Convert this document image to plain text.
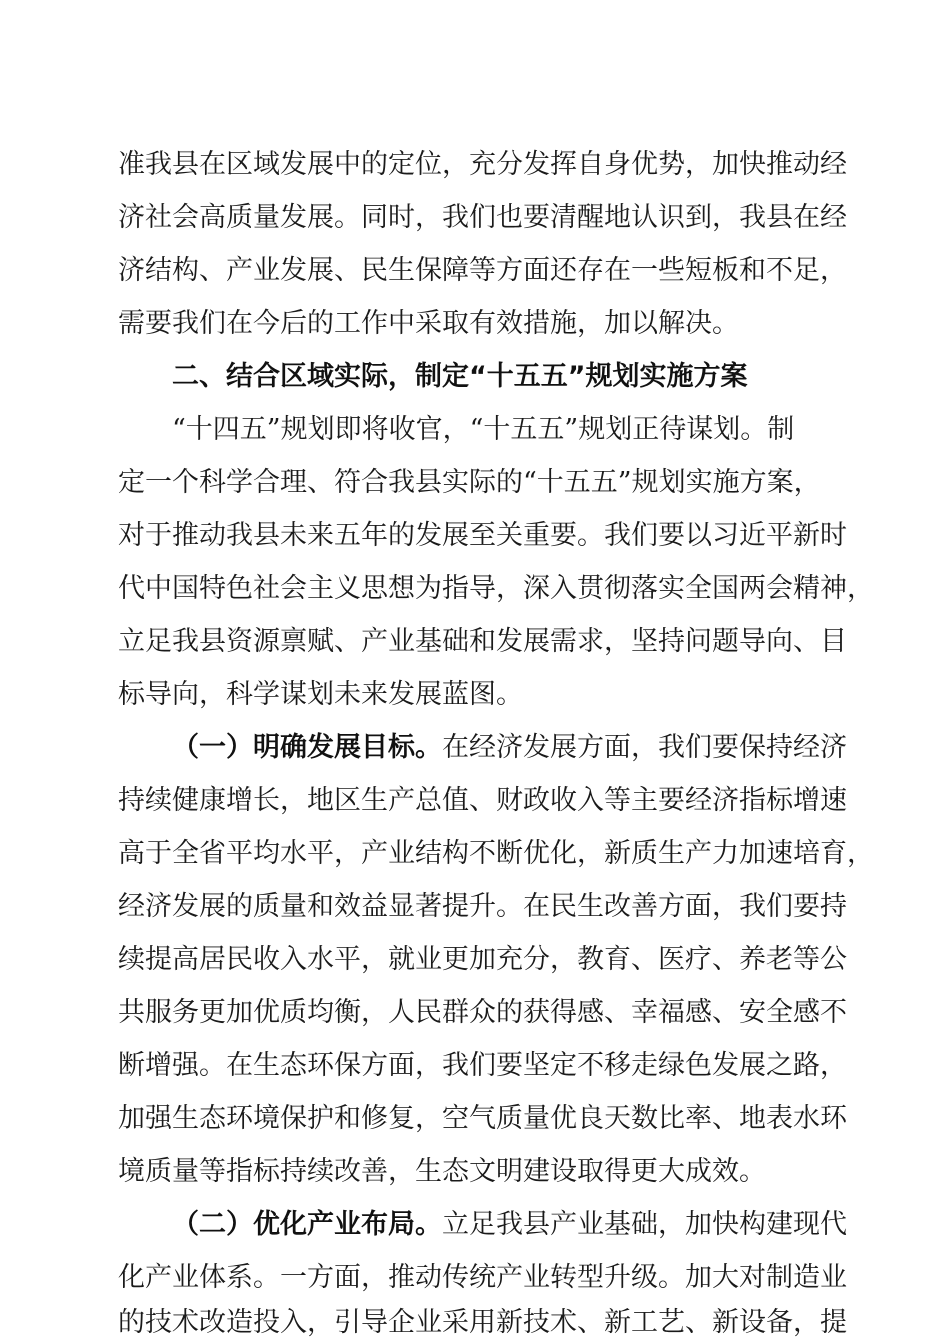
准我县在区域发展中的定位，充分发挥自身优势，加快推动经
济社会高质量发展。同时，我们也要清醒地认识到，我县在经
济结构、产业发展、民生保障等方面还存在一些短板和不足，
需要我们在今后的工作中采取有效措施，加以解决。
二、结合区域实际，制定“十五五”规划实施方案
“十四五”规划即将收官，“十五五”规划正待谋划。制
定一个科学合理、符合我县实际的“十五五”规划实施方案，
对于推动我县未来五年的发展至关重要。我们要以习近平新时
代中国特色社会主义思想为指导，深入贯彻落实全国两会精神，
立足我县资源禀赋、产业基础和发展需求，坚持问题导向、目
标导向，科学谋划未来发展蓝图。
（一）明确发展目标。在经济发展方面，我们要保持经济
持续健康增长，地区生产总值、财政收入等主要经济指标增速
高于全省平均水平，产业结构不断优化，新质生产力加速培育，
经济发展的质量和效益显著提升。在民生改善方面，我们要持
续提高居民收入水平，就业更加充分，教育、医疗、养老等公
共服务更加优质均衡，人民群众的获得感、幸福感、安全感不
断增强。在生态环保方面，我们要坚定不移走绿色发展之路，
加强生态环境保护和修复，空气质量优良天数比率、地表水环
境质量等指标持续改善，生态文明建设取得更大成效。
（二）优化产业布局。立足我县产业基础，加快构建现代
化产业体系。一方面，推动传统产业转型升级。加大对制造业
的技术改造投入，引导企业采用新技术、新工艺、新设备，提
